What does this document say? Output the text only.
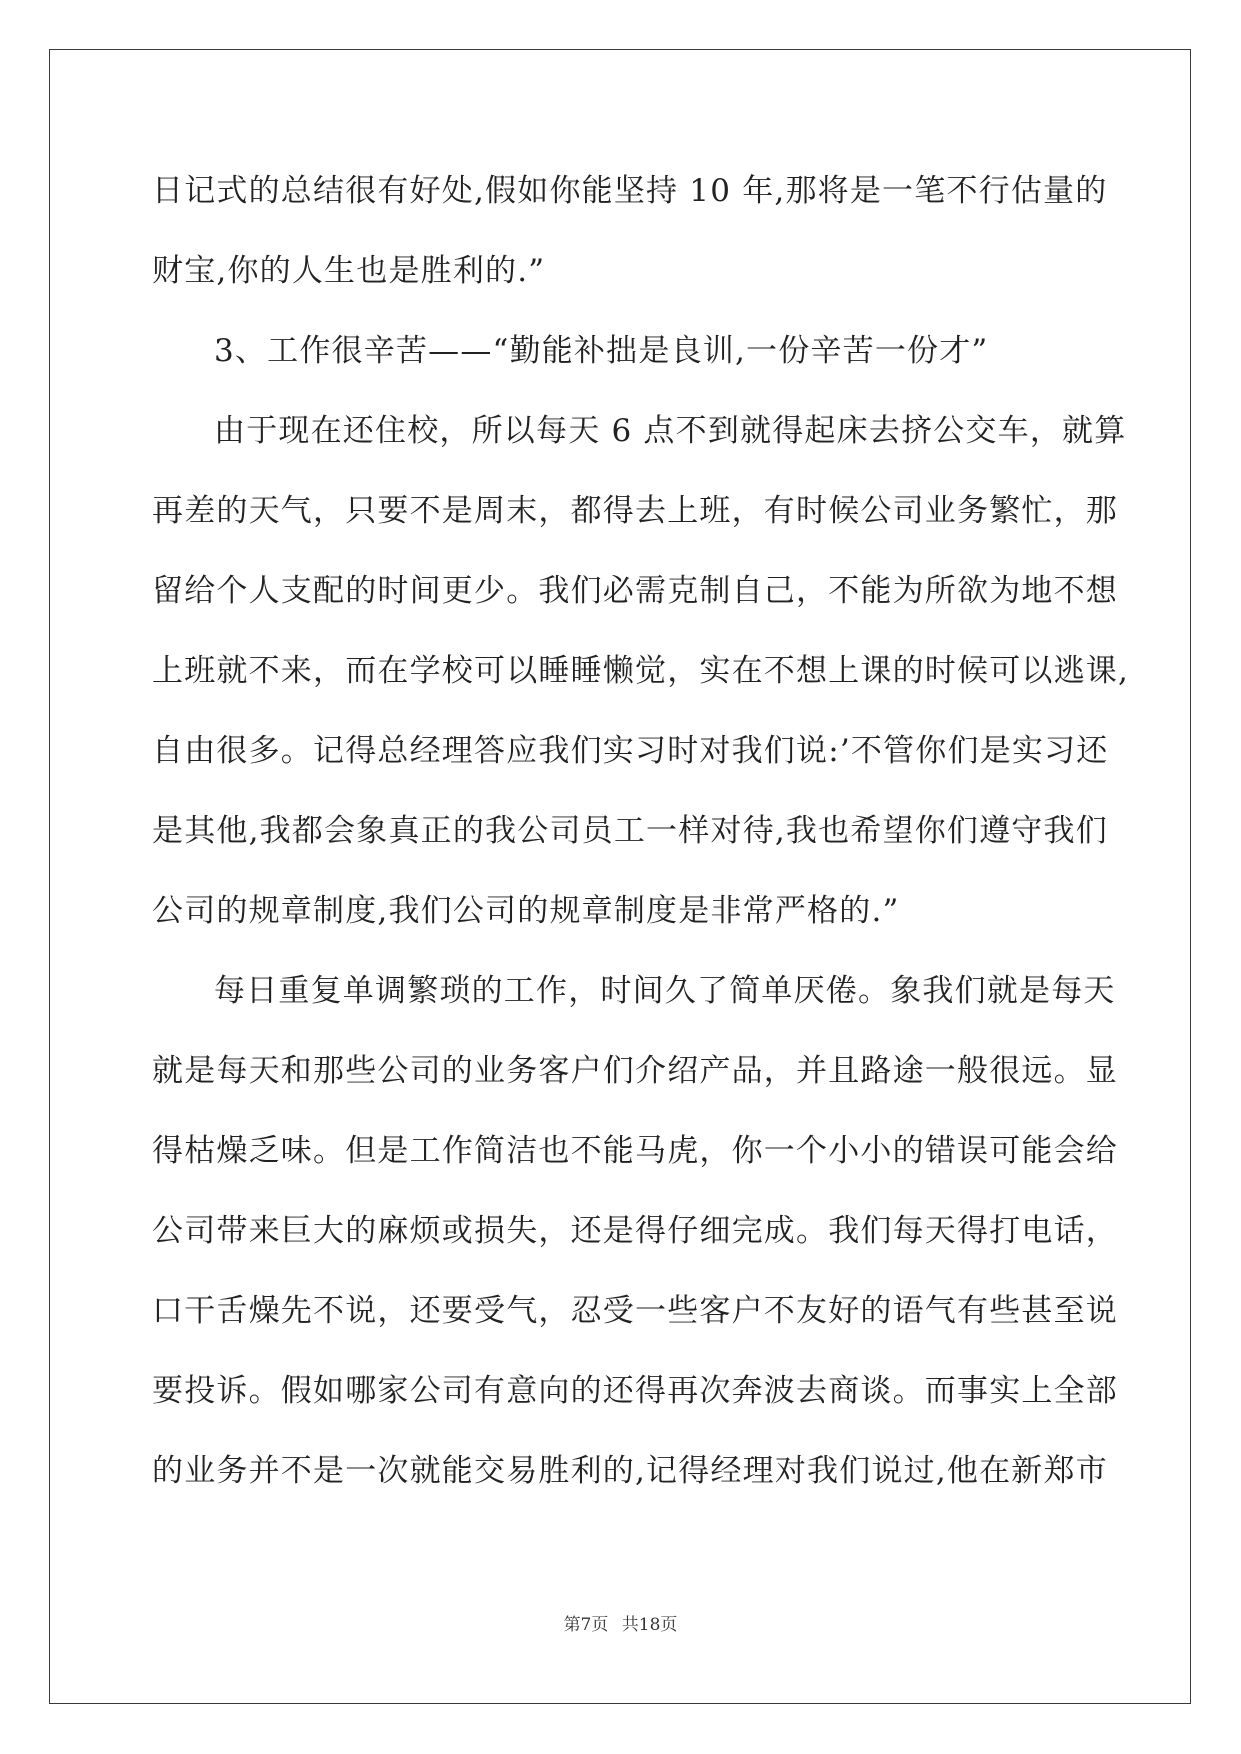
日记式的总结很有好处,假如你能坚持 10 年,那将是一笔不行估量的
财宝,你的人生也是胜利的.”
3、工作很辛苦——“勤能补拙是良训,一份辛苦一份才”
由于现在还住校，所以每天 6 点不到就得起床去挤公交车，就算
再差的天气，只要不是周末，都得去上班，有时候公司业务繁忙，那
留给个人支配的时间更少。我们必需克制自己，不能为所欲为地不想
上班就不来，而在学校可以睡睡懒觉，实在不想上课的时候可以逃课,
自由很多。记得总经理答应我们实习时对我们说:’不管你们是实习还
是其他,我都会象真正的我公司员工一样对待,我也希望你们遵守我们
公司的规章制度,我们公司的规章制度是非常严格的.”
每日重复单调繁琐的工作，时间久了简单厌倦。象我们就是每天
就是每天和那些公司的业务客户们介绍产品，并且路途一般很远。显
得枯燥乏味。但是工作简洁也不能马虎，你一个小小的错误可能会给
公司带来巨大的麻烦或损失，还是得仔细完成。我们每天得打电话，
口干舌燥先不说，还要受气，忍受一些客户不友好的语气有些甚至说
要投诉。假如哪家公司有意向的还得再次奔波去商谈。而事实上全部
的业务并不是一次就能交易胜利的,记得经理对我们说过,他在新郑市
第7页 共18页
